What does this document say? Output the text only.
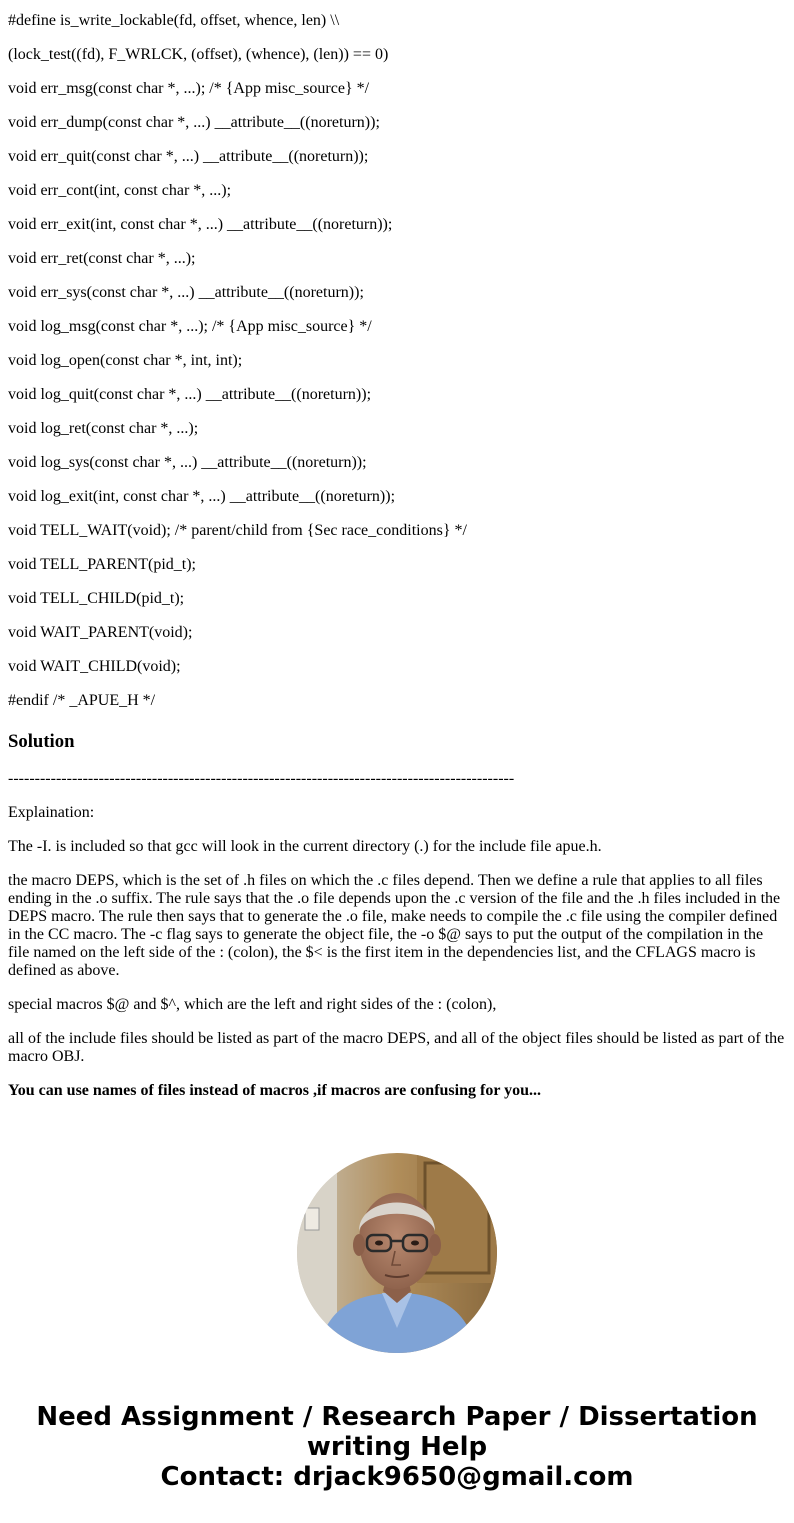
#define is_write_lockable(fd, offset, whence, len) \\

(lock_test((fd), F_WRLCK, (offset), (whence), (len)) == 0)

void err_msg(const char *, ...); /* {App misc_source} */

void err_dump(const char *, ...) __attribute__((noreturn));

void err_quit(const char *, ...) __attribute__((noreturn));

void err_cont(int, const char *, ...);

void err_exit(int, const char *, ...) __attribute__((noreturn));

void err_ret(const char *, ...);

void err_sys(const char *, ...) __attribute__((noreturn));

void log_msg(const char *, ...); /* {App misc_source} */

void log_open(const char *, int, int);

void log_quit(const char *, ...) __attribute__((noreturn));

void log_ret(const char *, ...);

void log_sys(const char *, ...) __attribute__((noreturn));

void log_exit(int, const char *, ...) __attribute__((noreturn));

void TELL_WAIT(void); /* parent/child from {Sec race_conditions} */

void TELL_PARENT(pid_t);

void TELL_CHILD(pid_t);

void WAIT_PARENT(void);

void WAIT_CHILD(void);

#endif /* _APUE_H */

Solution

-----------------------------------------------------------------------------------------------

Explaination:

The -I. is included so that gcc will look in the current directory (.) for the include file apue.h.

the macro DEPS, which is the set of .h files on which the .c files depend. Then we define a rule that applies to all files ending in the .o suffix. The rule says that the .o file depends upon the .c version of the file and the .h files included in the DEPS macro. The rule then says that to generate the .o file, make needs to compile the .c file using the compiler defined in the CC macro. The -c flag says to generate the object file, the -o $@ says to put the output of the compilation in the file named on the left side of the : (colon), the $< is the first item in the dependencies list, and the CFLAGS macro is defined as above.

special macros $@ and $^, which are the left and right sides of the : (colon),

all of the include files should be listed as part of the macro DEPS, and all of the object files should be listed as part of the macro OBJ.

You can use names of files instead of macros ,if macros are confusing for you...

Need Assignment / Research Paper / Dissertation
writing Help
Contact: drjack9650@gmail.com
